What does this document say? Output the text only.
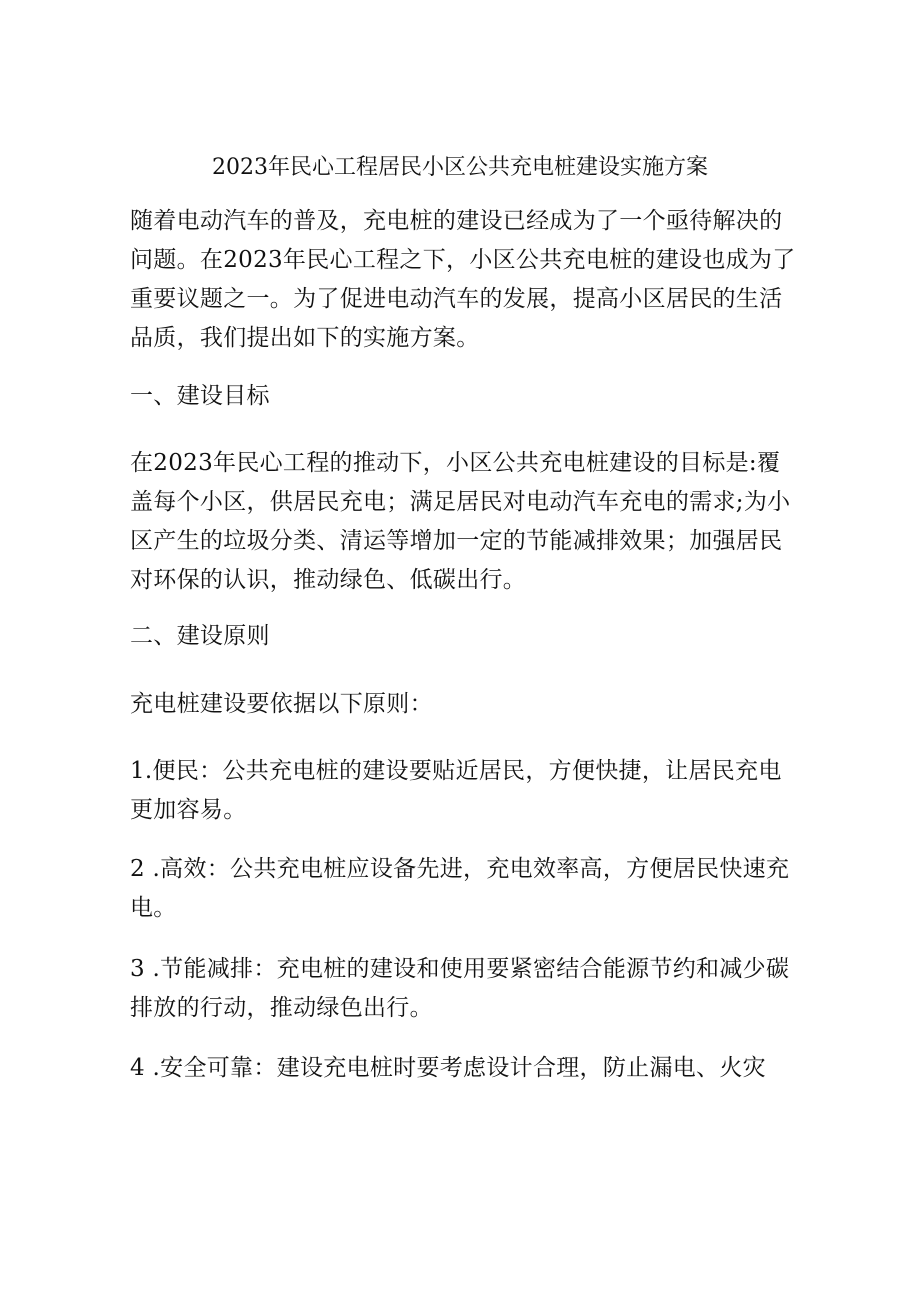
2023年民心工程居民小区公共充电桩建设实施方案

随着电动汽车的普及，充电桩的建设已经成为了一个亟待解决的
问题。在2023年民心工程之下，小区公共充电桩的建设也成为了
重要议题之一。为了促进电动汽车的发展，提高小区居民的生活
品质，我们提出如下的实施方案。

一、建设目标

在2023年民心工程的推动下，小区公共充电桩建设的目标是:覆
盖每个小区，供居民充电；满足居民对电动汽车充电的需求;为小
区产生的垃圾分类、清运等增加一定的节能减排效果；加强居民
对环保的认识，推动绿色、低碳出行。

二、建设原则

充电桩建设要依据以下原则：

1.便民：公共充电桩的建设要贴近居民，方便快捷，让居民充电
更加容易。

2 .高效：公共充电桩应设备先进，充电效率高，方便居民快速充
电。

3 .节能减排：充电桩的建设和使用要紧密结合能源节约和减少碳
排放的行动，推动绿色出行。

4 .安全可靠：建设充电桩时要考虑设计合理，防止漏电、火灾
